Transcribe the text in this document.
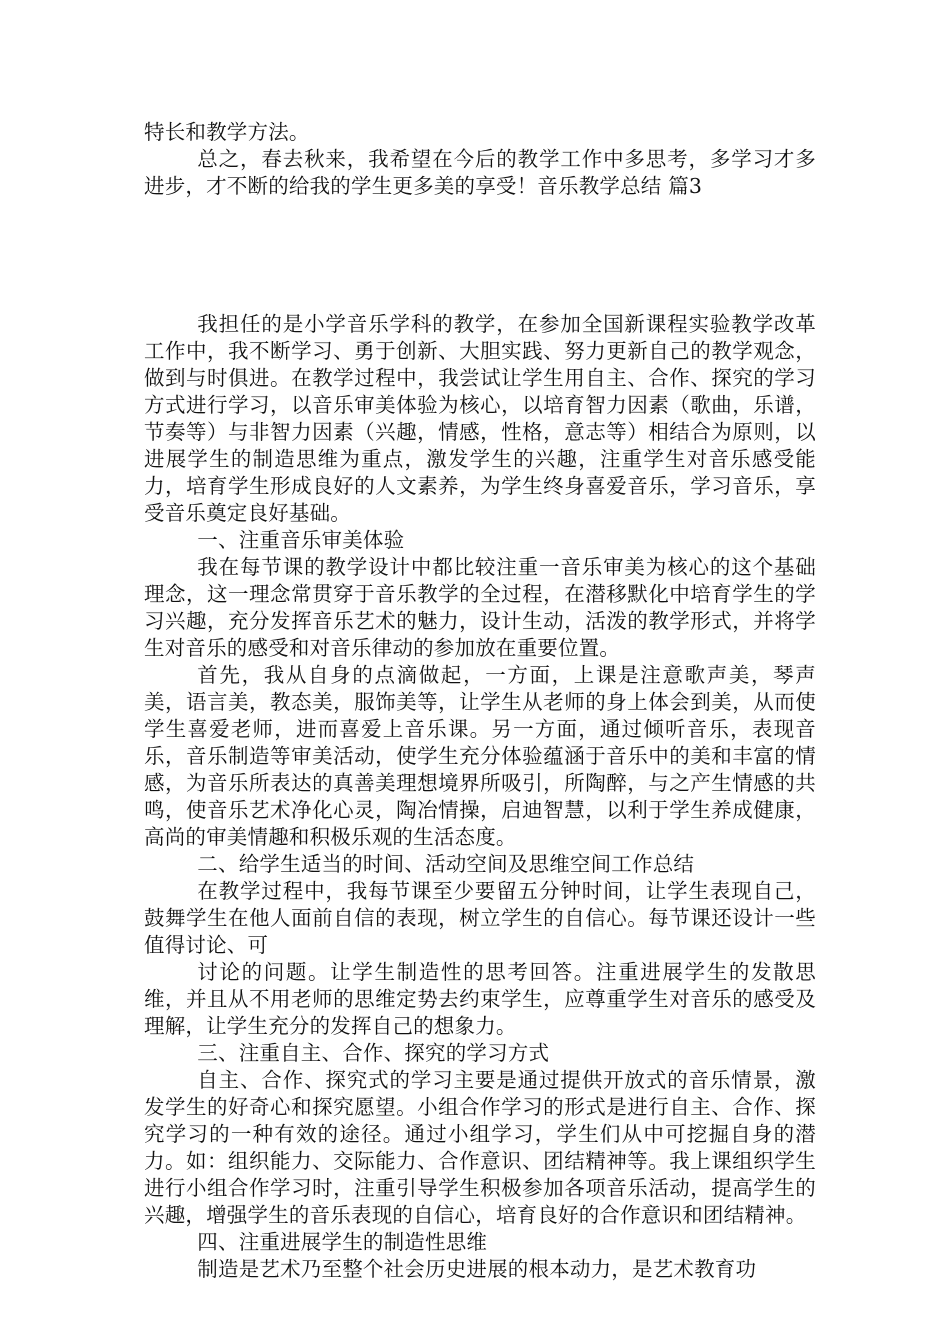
特长和教学方法。

总之，春去秋来，我希望在今后的教学工作中多思考，多学习才多进步，才不断的给我的学生更多美的享受！音乐教学总结 篇3

我担任的是小学音乐学科的教学，在参加全国新课程实验教学改革工作中，我不断学习、勇于创新、大胆实践、努力更新自己的教学观念，做到与时俱进。在教学过程中，我尝试让学生用自主、合作、探究的学习方式进行学习，以音乐审美体验为核心，以培育智力因素（歌曲，乐谱，节奏等）与非智力因素（兴趣，情感，性格，意志等）相结合为原则，以进展学生的制造思维为重点，激发学生的兴趣，注重学生对音乐感受能力，培育学生形成良好的人文素养，为学生终身喜爱音乐，学习音乐，享受音乐奠定良好基础。

一、注重音乐审美体验

我在每节课的教学设计中都比较注重一音乐审美为核心的这个基础理念，这一理念常贯穿于音乐教学的全过程，在潜移默化中培育学生的学习兴趣，充分发挥音乐艺术的魅力，设计生动，活泼的教学形式，并将学生对音乐的感受和对音乐律动的参加放在重要位置。

首先，我从自身的点滴做起，一方面，上课是注意歌声美，琴声美，语言美，教态美，服饰美等，让学生从老师的身上体会到美，从而使学生喜爱老师，进而喜爱上音乐课。另一方面，通过倾听音乐，表现音乐，音乐制造等审美活动，使学生充分体验蕴涵于音乐中的美和丰富的情感，为音乐所表达的真善美理想境界所吸引，所陶醉，与之产生情感的共鸣，使音乐艺术净化心灵，陶冶情操，启迪智慧，以利于学生养成健康，高尚的审美情趣和积极乐观的生活态度。

二、给学生适当的时间、活动空间及思维空间工作总结

在教学过程中，我每节课至少要留五分钟时间，让学生表现自己，鼓舞学生在他人面前自信的表现，树立学生的自信心。每节课还设计一些值得讨论、可

讨论的问题。让学生制造性的思考回答。注重进展学生的发散思维，并且从不用老师的思维定势去约束学生，应尊重学生对音乐的感受及理解，让学生充分的发挥自己的想象力。

三、注重自主、合作、探究的学习方式

自主、合作、探究式的学习主要是通过提供开放式的音乐情景，激发学生的好奇心和探究愿望。小组合作学习的形式是进行自主、合作、探究学习的一种有效的途径。通过小组学习，学生们从中可挖掘自身的潜力。如：组织能力、交际能力、合作意识、团结精神等。我上课组织学生进行小组合作学习时，注重引导学生积极参加各项音乐活动，提高学生的兴趣，增强学生的音乐表现的自信心，培育良好的合作意识和团结精神。

四、注重进展学生的制造性思维

制造是艺术乃至整个社会历史进展的根本动力，是艺术教育功
